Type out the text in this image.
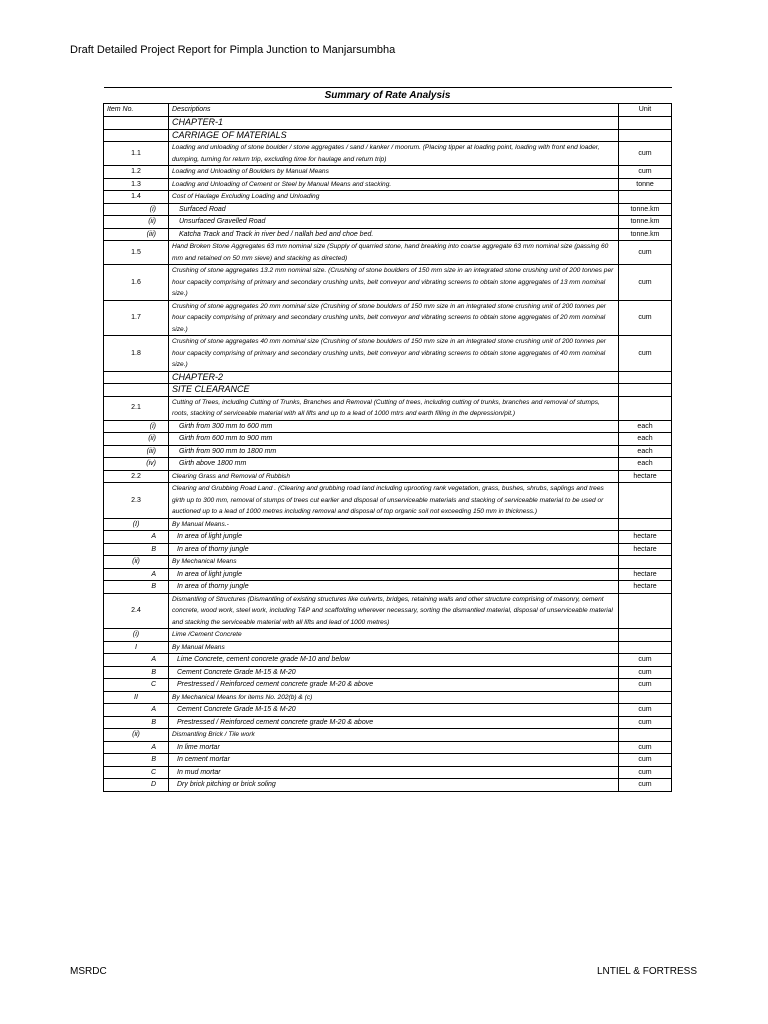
Draft Detailed Project Report for Pimpla Junction to Manjarsumbha
Summary of Rate Analysis		
Item No.	Descriptions	Unit
	CHAPTER-1	
	CARRIAGE OF MATERIALS	
1.1	Loading and unloading of stone boulder / stone aggregates / sand / kanker / moorum. (Placing tipper at loading point, loading with front end loader, dumping, turning for return trip, excluding time for haulage and return trip)	cum
1.2	Loading and Unloading of Boulders by Manual Means	cum
1.3	Loading and Unloading of Cement or Steel by Manual Means and stacking.	tonne
1.4	Cost of Haulage Excluding Loading and Unloading	
(i)	Surfaced Road	tonne.km
(ii)	Unsurfaced Gravelled Road	tonne.km
(iii)	Katcha Track and Track in river bed / nallah bed and choe bed.	tonne.km
1.5	Hand Broken Stone Aggregates 63 mm nominal size (Supply of quarried stone, hand breaking into coarse aggregate 63 mm nominal size (passing 60 mm and retained on 50 mm sieve) and stacking as directed)	cum
1.6	Crushing of stone aggregates 13.2 mm nominal size. (Crushing of stone boulders of 150 mm size in an integrated stone crushing unit of 200 tonnes per hour capacity comprising of primary and secondary crushing units, belt conveyor and vibrating screens to obtain stone aggregates of 13 mm nominal size.)	cum
1.7	Crushing of stone aggregates 20 mm nominal size (Crushing of stone boulders of 150 mm size in an integrated stone crushing unit of 200 tonnes per hour capacity comprising of primary and secondary crushing units, belt conveyor and vibrating screens to obtain stone aggregates of 20 mm nominal size.)	cum
1.8	Crushing of stone aggregates 40 mm nominal size (Crushing of stone boulders of 150 mm size in an integrated stone crushing unit of 200 tonnes per hour capacity comprising of primary and secondary crushing units, belt conveyor and vibrating screens to obtain stone aggregates of 40 mm nominal size.)	cum
	CHAPTER-2	
	SITE CLEARANCE	
2.1	Cutting of Trees, including Cutting of Trunks, Branches and Removal (Cutting of trees, including cutting of trunks, branches and removal of stumps, roots, stacking of serviceable material with all lifts and up to a lead of 1000 mtrs and earth filling in the depression/pit.)	
(i)	Girth from 300 mm to 600 mm	each
(ii)	Girth from 600 mm to 900 mm	each
(iii)	Girth from 900 mm to 1800 mm	each
(iv)	Girth above 1800 mm	each
2.2	Clearing Grass and Removal of Rubbish	hectare
2.3	Clearing and Grubbing Road Land . (Clearing and grubbing road land including uprooting rank vegetation, grass, bushes, shrubs, saplings and trees girth up to 300 mm, removal of stumps of trees cut earlier and disposal of unserviceable materials and stacking of serviceable material to be used or auctioned up to a lead of 1000 metres including removal and disposal of top organic soil not exceeding 150 mm in thickness.)	
(I)	By Manual Means.-	
A	In area of light jungle	hectare
B	In area of thorny jungle	hectare
(ii)	By Mechanical Means	
A	In area of light jungle	hectare
B	In area of thorny jungle	hectare
2.4	Dismantling of Structures (Dismantling of existing structures like culverts, bridges, retaining walls and other structure comprising of masonry, cement concrete, wood work, steel work, including T&P and scaffolding wherever necessary, sorting the dismantled material, disposal of unserviceable material and stacking the serviceable material with all lifts and lead of 1000 metres)	
(i)	Lime /Cement Concrete	
I	By Manual Means	
A	Lime Concrete, cement concrete grade M-10 and below	cum
B	Cement Concrete Grade M-15 & M-20	cum
C	Prestressed / Reinforced cement concrete grade M-20 & above	cum
II	By Mechanical Means for items No. 202(b) & (c)	
A	Cement Concrete Grade M-15 & M-20	cum
B	Prestressed / Reinforced cement concrete grade M-20 & above	cum
(ii)	Dismantling Brick / Tile work	
A	In lime mortar	cum
B	In cement mortar	cum
C	In mud mortar	cum
D	Dry brick pitching or brick soling	cum
MSRDC	LNTIEL & FORTRESS
